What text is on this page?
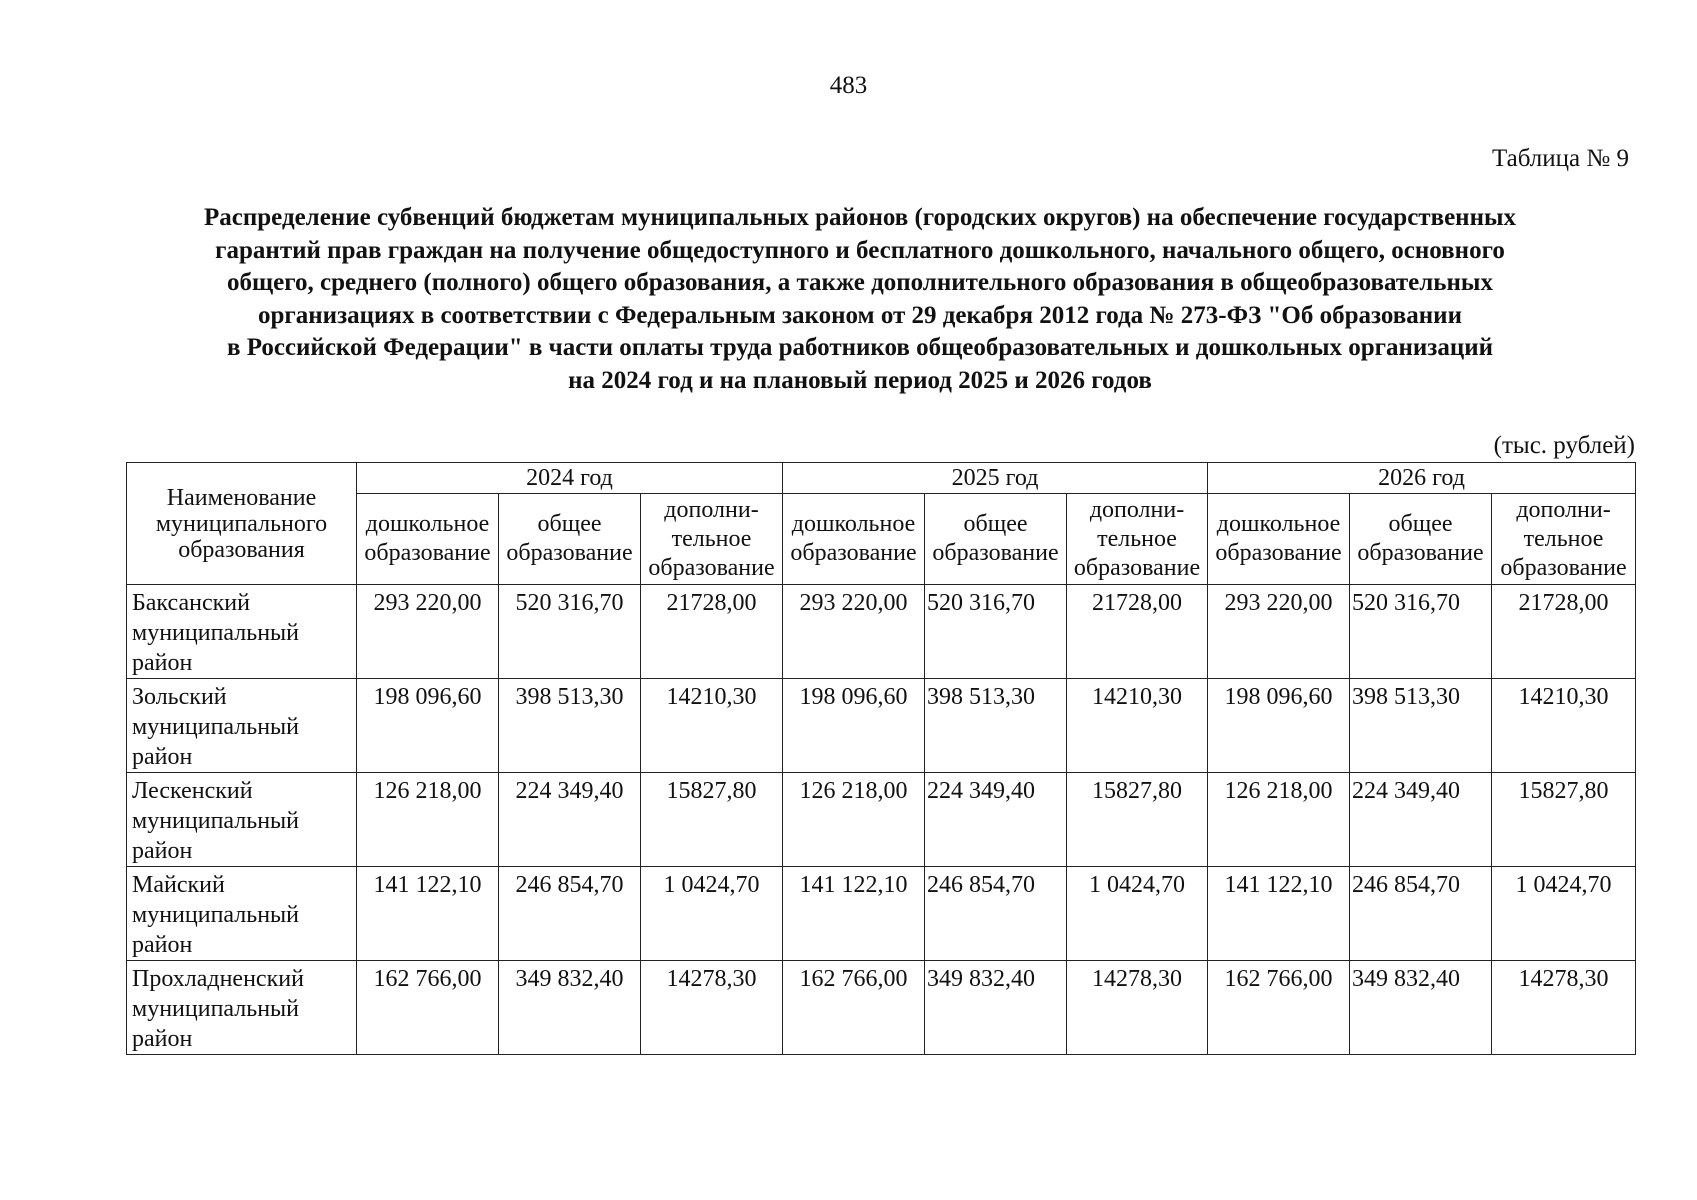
483
Таблица № 9
Распределение субвенций бюджетам муниципальных районов (городских округов) на обеспечение государственных
гарантий прав граждан на получение общедоступного и бесплатного дошкольного, начального общего, основного
общего, среднего (полного) общего образования, а также дополнительного образования в общеобразовательных
организациях в соответствии с Федеральным законом от 29 декабря 2012 года № 273-ФЗ "Об образовании
в Российской Федерации" в части оплаты труда работников общеобразовательных и дошкольных организаций
на 2024 год и на плановый период 2025 и 2026 годов
(тыс. рублей)
Наименование
муниципального
образования	2024 год			2025 год			2026 год		

	дошкольное
образование	общее
образование	дополни-
тельное
образование	дошкольное
образование	общее
образование	дополни-
тельное
образование	дошкольное
образование	общее
образование	дополни-
тельное
образование

Баксанский
муниципальный
район	293 220,00	520 316,70	21728,00	293 220,00	520 316,70	21728,00	293 220,00	520 316,70	21728,00

Зольский
муниципальный
район	198 096,60	398 513,30	14210,30	198 096,60	398 513,30	14210,30	198 096,60	398 513,30	14210,30

Лескенский
муниципальный
район	126 218,00	224 349,40	15827,80	126 218,00	224 349,40	15827,80	126 218,00	224 349,40	15827,80

Майский
муниципальный
район	141 122,10	246 854,70	1 0424,70	141 122,10	246 854,70	1 0424,70	141 122,10	246 854,70	1 0424,70

Прохладненский
муниципальный
район	162 766,00	349 832,40	14278,30	162 766,00	349 832,40	14278,30	162 766,00	349 832,40	14278,30
